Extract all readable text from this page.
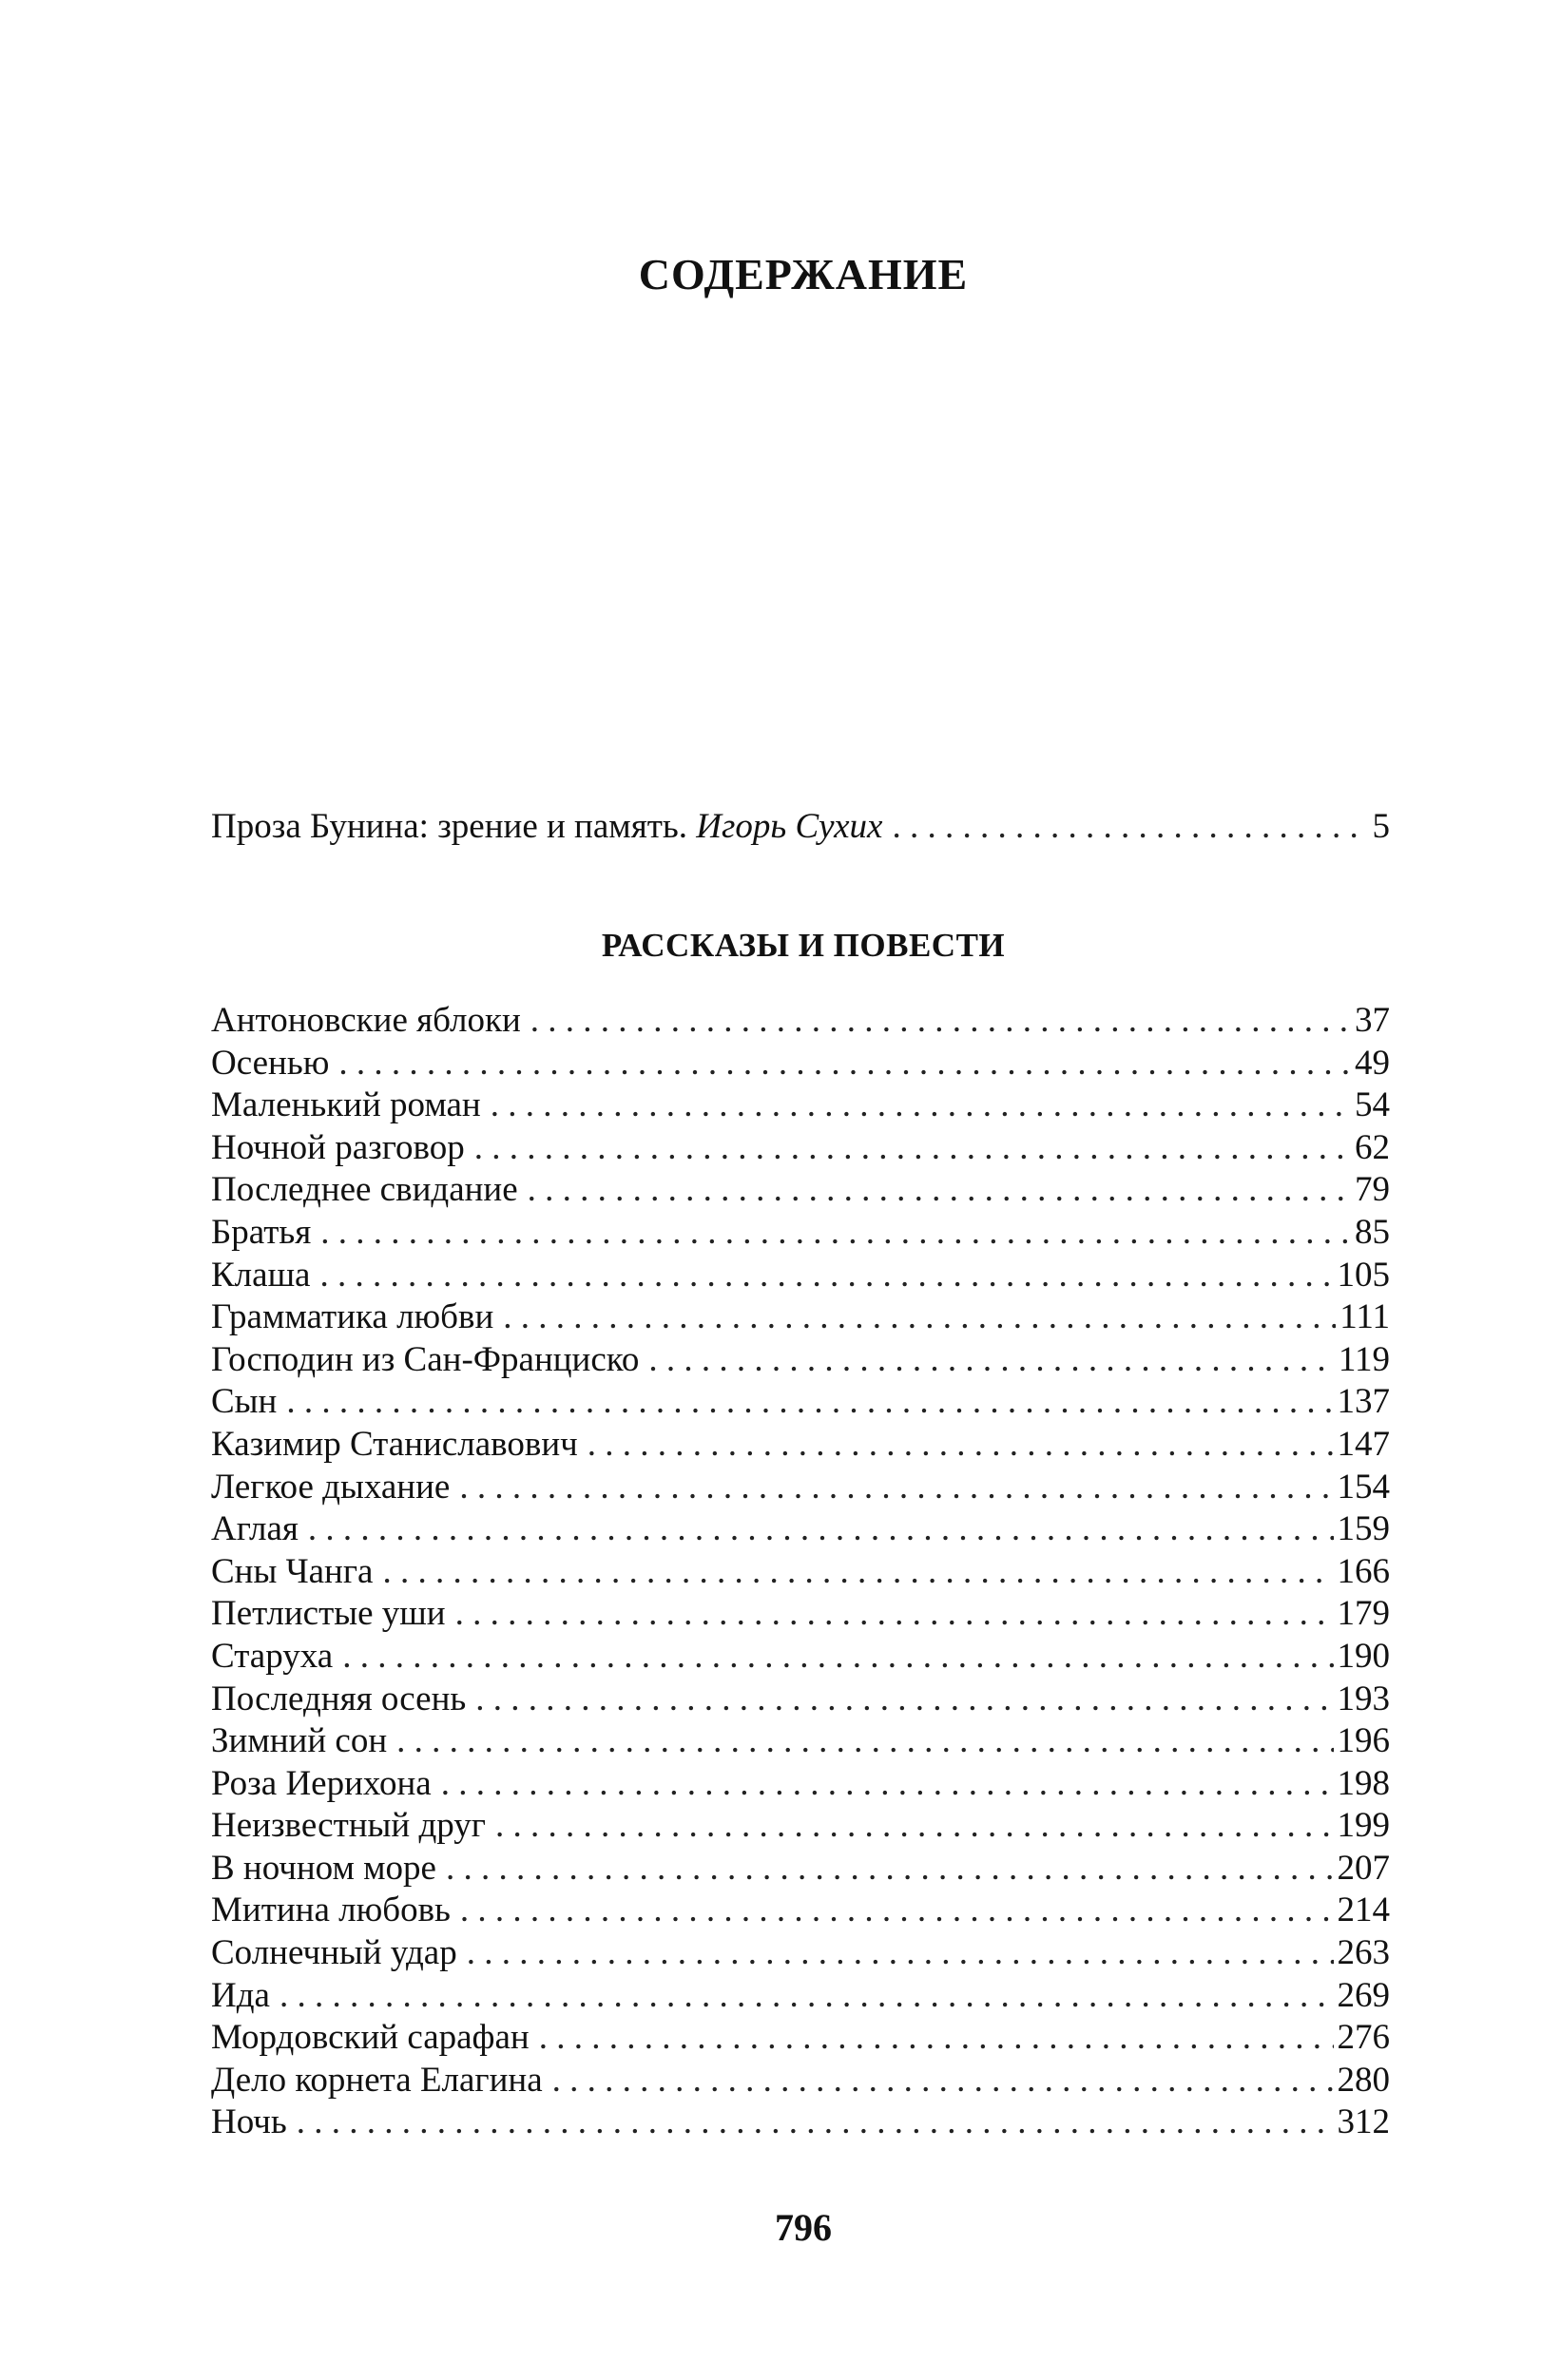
СОДЕРЖАНИЕ
Проза Бунина: зрение и память. Игорь Сухих . . .	5
РАССКАЗЫ И ПОВЕСТИ
Антоновские яблоки . . .	37
Осенью . . .	49
Маленький роман . . .	54
Ночной разговор . . .	62
Последнее свидание . . .	79
Братья . . .	85
Клаша . . .	105
Грамматика любви . . .	111
Господин из Сан-Франциско . . .	119
Сын . . .	137
Казимир Станиславович . . .	147
Легкое дыхание . . .	154
Аглая . . .	159
Сны Чанга . . .	166
Петлистые уши . . .	179
Старуха . . .	190
Последняя осень . . .	193
Зимний сон . . .	196
Роза Иерихона . . .	198
Неизвестный друг . . .	199
В ночном море . . .	207
Митина любовь . . .	214
Солнечный удар . . .	263
Ида . . .	269
Мордовский сарафан . . .	276
Дело корнета Елагина . . .	280
Ночь . . .	312
796
